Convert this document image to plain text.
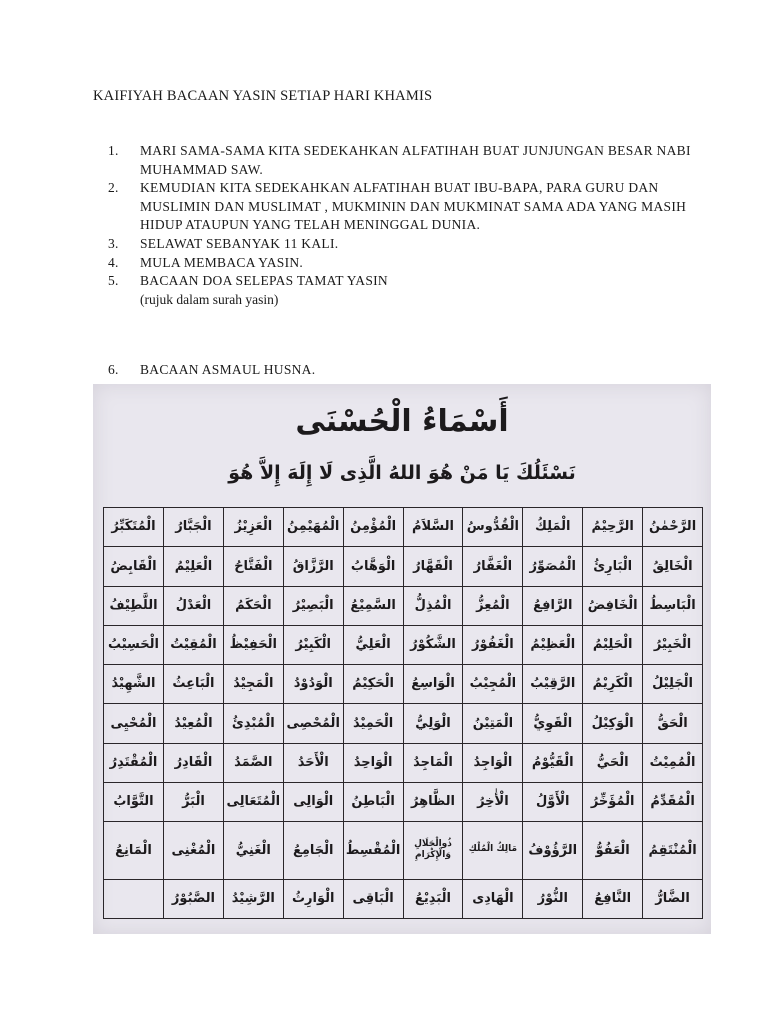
KAIFIYAH BACAAN YASIN SETIAP HARI KHAMIS
1.	MARI SAMA-SAMA KITA SEDEKAHKAN ALFATIHAH BUAT JUNJUNGAN BESAR NABI MUHAMMAD SAW.
2.	KEMUDIAN KITA SEDEKAHKAN ALFATIHAH BUAT IBU-BAPA, PARA GURU DAN MUSLIMIN DAN MUSLIMAT , MUKMININ DAN MUKMINAT SAMA ADA YANG MASIH HIDUP ATAUPUN YANG TELAH MENINGGAL DUNIA.
3.	SELAWAT SEBANYAK 11 KALI.
4.	MULA MEMBACA YASIN.
5.	BACAAN DOA SELEPAS TAMAT YASIN
(rujuk dalam surah yasin)
6.	BACAAN ASMAUL HUSNA.
أَسْمَاءُ الْحُسْنَى
نَسْئَلُكَ يَا مَنْ هُوَ اللهُ الَّذِى لَا إِلَهَ إِلاَّ هُوَ
الرَّحْمٰنُ	الرَّحِيْمُ	الْمَلِكُ	الْقُدُّوسُ	السَّلاَمُ	الْمُؤْمِنُ	الْمُهَيْمِنُ	الْعَزِيْزُ	الْجَبَّارُ	الْمُتَكَبِّرُ
الْخَالِقُ	الْبَارِئُ	الْمُصَوِّرُ	الْغَفَّارُ	الْقَهَّارُ	الْوَهَّابُ	الرَّزَّاقُ	الْفَتَّاحُ	الْعَلِيْمُ	الْقَابِضُ
الْبَاسِطُ	الْخَافِضُ	الرَّافِعُ	الْمُعِزُّ	الْمُذِلُّ	السَّمِيْعُ	الْبَصِيْرُ	الْحَكَمُ	الْعَدْلُ	اللَّطِيْفُ
الْخَبِيْرُ	الْحَلِيْمُ	الْعَظِيْمُ	الْغَفُوْرُ	الشَّكُوْرُ	الْعَلِيُّ	الْكَبِيْرُ	الْحَفِيْظُ	الْمُقِيْتُ	الْحَسِيْبُ
الْجَلِيْلُ	الْكَرِيْمُ	الرَّقِيْبُ	الْمُجِيْبُ	الْوَاسِعُ	الْحَكِيْمُ	الْوَدُوْدُ	الْمَجِيْدُ	الْبَاعِثُ	الشَّهِيْدُ
الْحَقُّ	الْوَكِيْلُ	الْقَوِيُّ	الْمَتِيْنُ	الْوَلِيُّ	الْحَمِيْدُ	الْمُحْصِى	الْمُبْدِئُ	الْمُعِيْدُ	الْمُحْيِى
الْمُمِيْتُ	الْحَيُّ	الْقَيُّوْمُ	الْوَاجِدُ	الْمَاجِدُ	الْوَاحِدُ	الْأَحَدُ	الصَّمَدُ	الْقَادِرُ	الْمُقْتَدِرُ
الْمُقَدِّمُ	الْمُؤَخِّرُ	الْأَوَّلُ	الْأٰخِرُ	الظَّاهِرُ	الْبَاطِنُ	الْوَالِى	الْمُتَعَالِى	الْبَرُّ	التَّوَّابُ
الْمُنْتَقِمُ	الْعَفُوُّ	الرَّؤُوْفُ	مَالِكُ الْمُلْكِ	ذُوالْجَلَالِ وَالْإِكْرَامِ	الْمُقْسِطُ	الْجَامِعُ	الْغَنِيُّ	الْمُغْنِى	الْمَانِعُ
الضَّارُّ	النَّافِعُ	النُّوْرُ	الْهَادِى	الْبَدِيْعُ	الْبَاقِى	الْوَارِثُ	الرَّشِيْدُ	الصَّبُوْرُ	
